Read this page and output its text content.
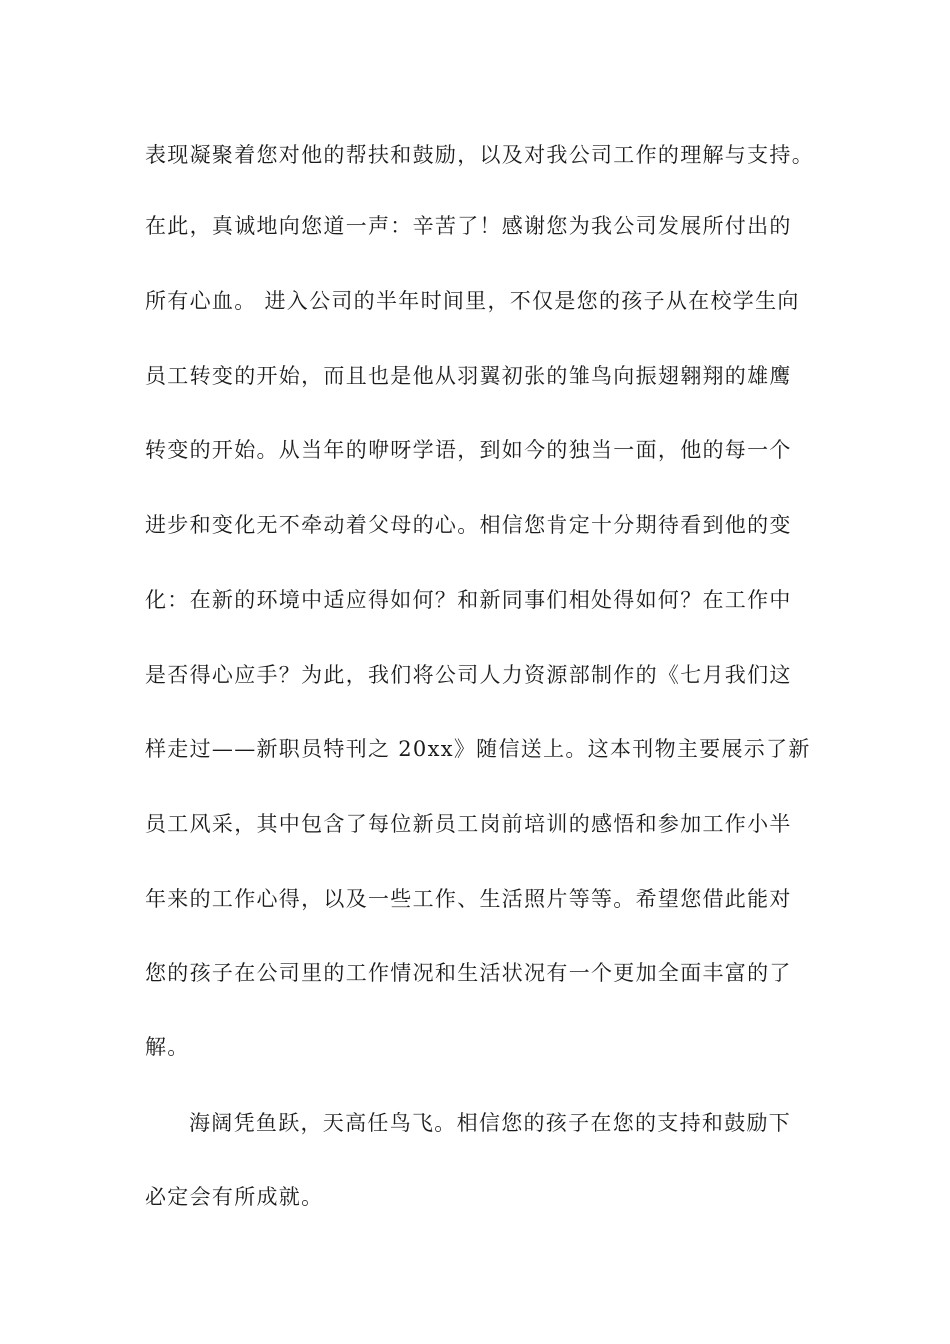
表现凝聚着您对他的帮扶和鼓励，以及对我公司工作的理解与支持。

在此，真诚地向您道一声：辛苦了！感谢您为我公司发展所付出的

所有心血。 进入公司的半年时间里，不仅是您的孩子从在校学生向

员工转变的开始，而且也是他从羽翼初张的雏鸟向振翅翱翔的雄鹰

转变的开始。从当年的咿呀学语，到如今的独当一面，他的每一个

进步和变化无不牵动着父母的心。相信您肯定十分期待看到他的变

化：在新的环境中适应得如何？和新同事们相处得如何？在工作中

是否得心应手？为此，我们将公司人力资源部制作的《七月我们这

样走过——新职员特刊之 20xx》随信送上。这本刊物主要展示了新

员工风采，其中包含了每位新员工岗前培训的感悟和参加工作小半

年来的工作心得，以及一些工作、生活照片等等。希望您借此能对

您的孩子在公司里的工作情况和生活状况有一个更加全面丰富的了

解。

海阔凭鱼跃，天高任鸟飞。相信您的孩子在您的支持和鼓励下

必定会有所成就。
